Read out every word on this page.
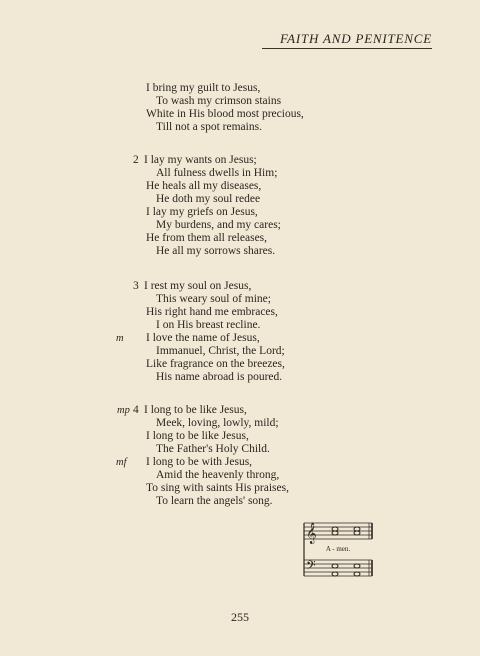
FAITH AND PENITENCE
I bring my guilt to Jesus,
To wash my crimson stains
White in His blood most precious,
Till not a spot remains.
2 I lay my wants on Jesus;
All fulness dwells in Him;
He heals all my diseases,
He doth my soul redee
I lay my griefs on Jesus,
My burdens, and my cares;
He from them all releases,
He all my sorrows shares.
3 I rest my soul on Jesus,
This weary soul of mine;
His right hand me embraces,
I on His breast recline.
m I love the name of Jesus,
Immanuel, Christ, the Lord;
Like fragrance on the breezes,
His name abroad is poured.
mp 4 I long to be like Jesus,
Meek, loving, lowly, mild;
I long to be like Jesus,
The Father's Holy Child.
mf I long to be with Jesus,
Amid the heavenly throng,
To sing with saints His praises,
To learn the angels' song.
𝄞
𝄢
A - men.
255
